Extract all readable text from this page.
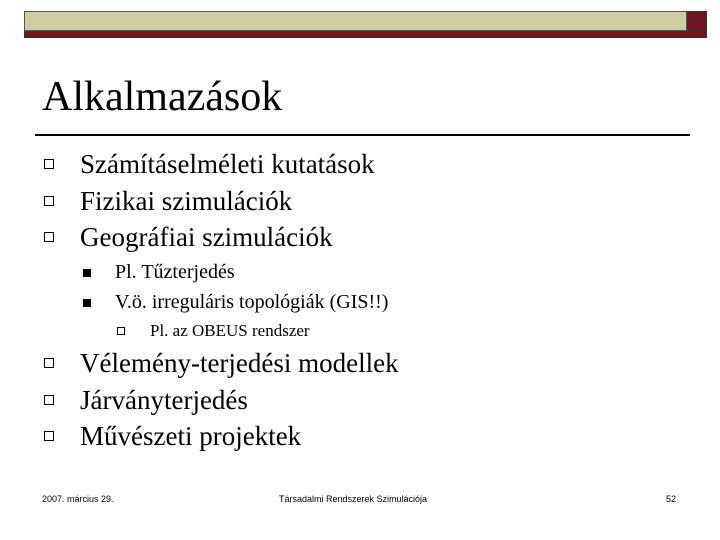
Alkalmazások
Számításelméleti kutatások
Fizikai szimulációk
Geográfiai szimulációk
Pl. Tűzterjedés
V.ö. irreguláris topológiák (GIS!!)
Pl. az OBEUS rendszer
Vélemény-terjedési modellek
Járványterjedés
Művészeti projektek
2007. március 29.	Társadalmi Rendszerek Szimulációja	52
